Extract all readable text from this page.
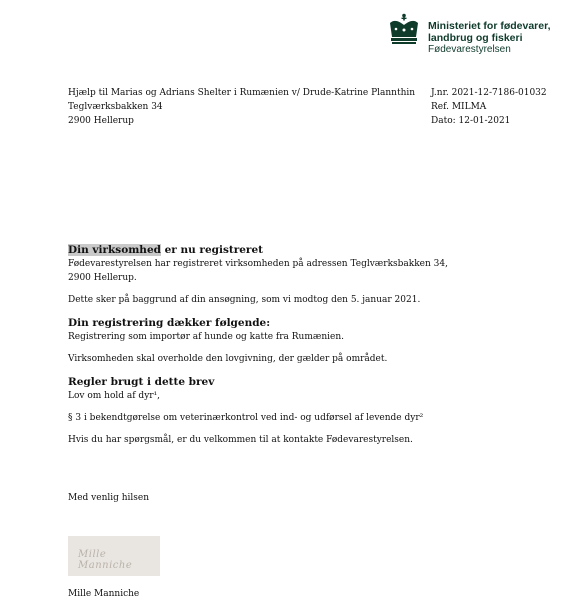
Ministeriet for fødevarer,
landbrug og fiskeri
Fødevarestyrelsen
Hjælp til Marias og Adrians Shelter i Rumænien v/ Drude-Katrine Plannthin
Teglværksbakken 34
2900 Hellerup
J.nr. 2021-12-7186-01032
Ref. MILMA
Dato: 12-01-2021
Din virksomhed er nu registreret
Fødevarestyrelsen har registreret virksomheden på adressen Teglværksbakken 34,
2900 Hellerup.
Dette sker på baggrund af din ansøgning, som vi modtog den 5. januar 2021.
Din registrering dækker følgende:
Registrering som importør af hunde og katte fra Rumænien.
Virksomheden skal overholde den lovgivning, der gælder på området.
Regler brugt i dette brev
Lov om hold af dyr¹,
§ 3 i bekendtgørelse om veterinærkontrol ved ind- og udførsel af levende dyr²
Hvis du har spørgsmål, er du velkommen til at kontakte Fødevarestyrelsen.
Med venlig hilsen
Mille Manniche
Mille Manniche
